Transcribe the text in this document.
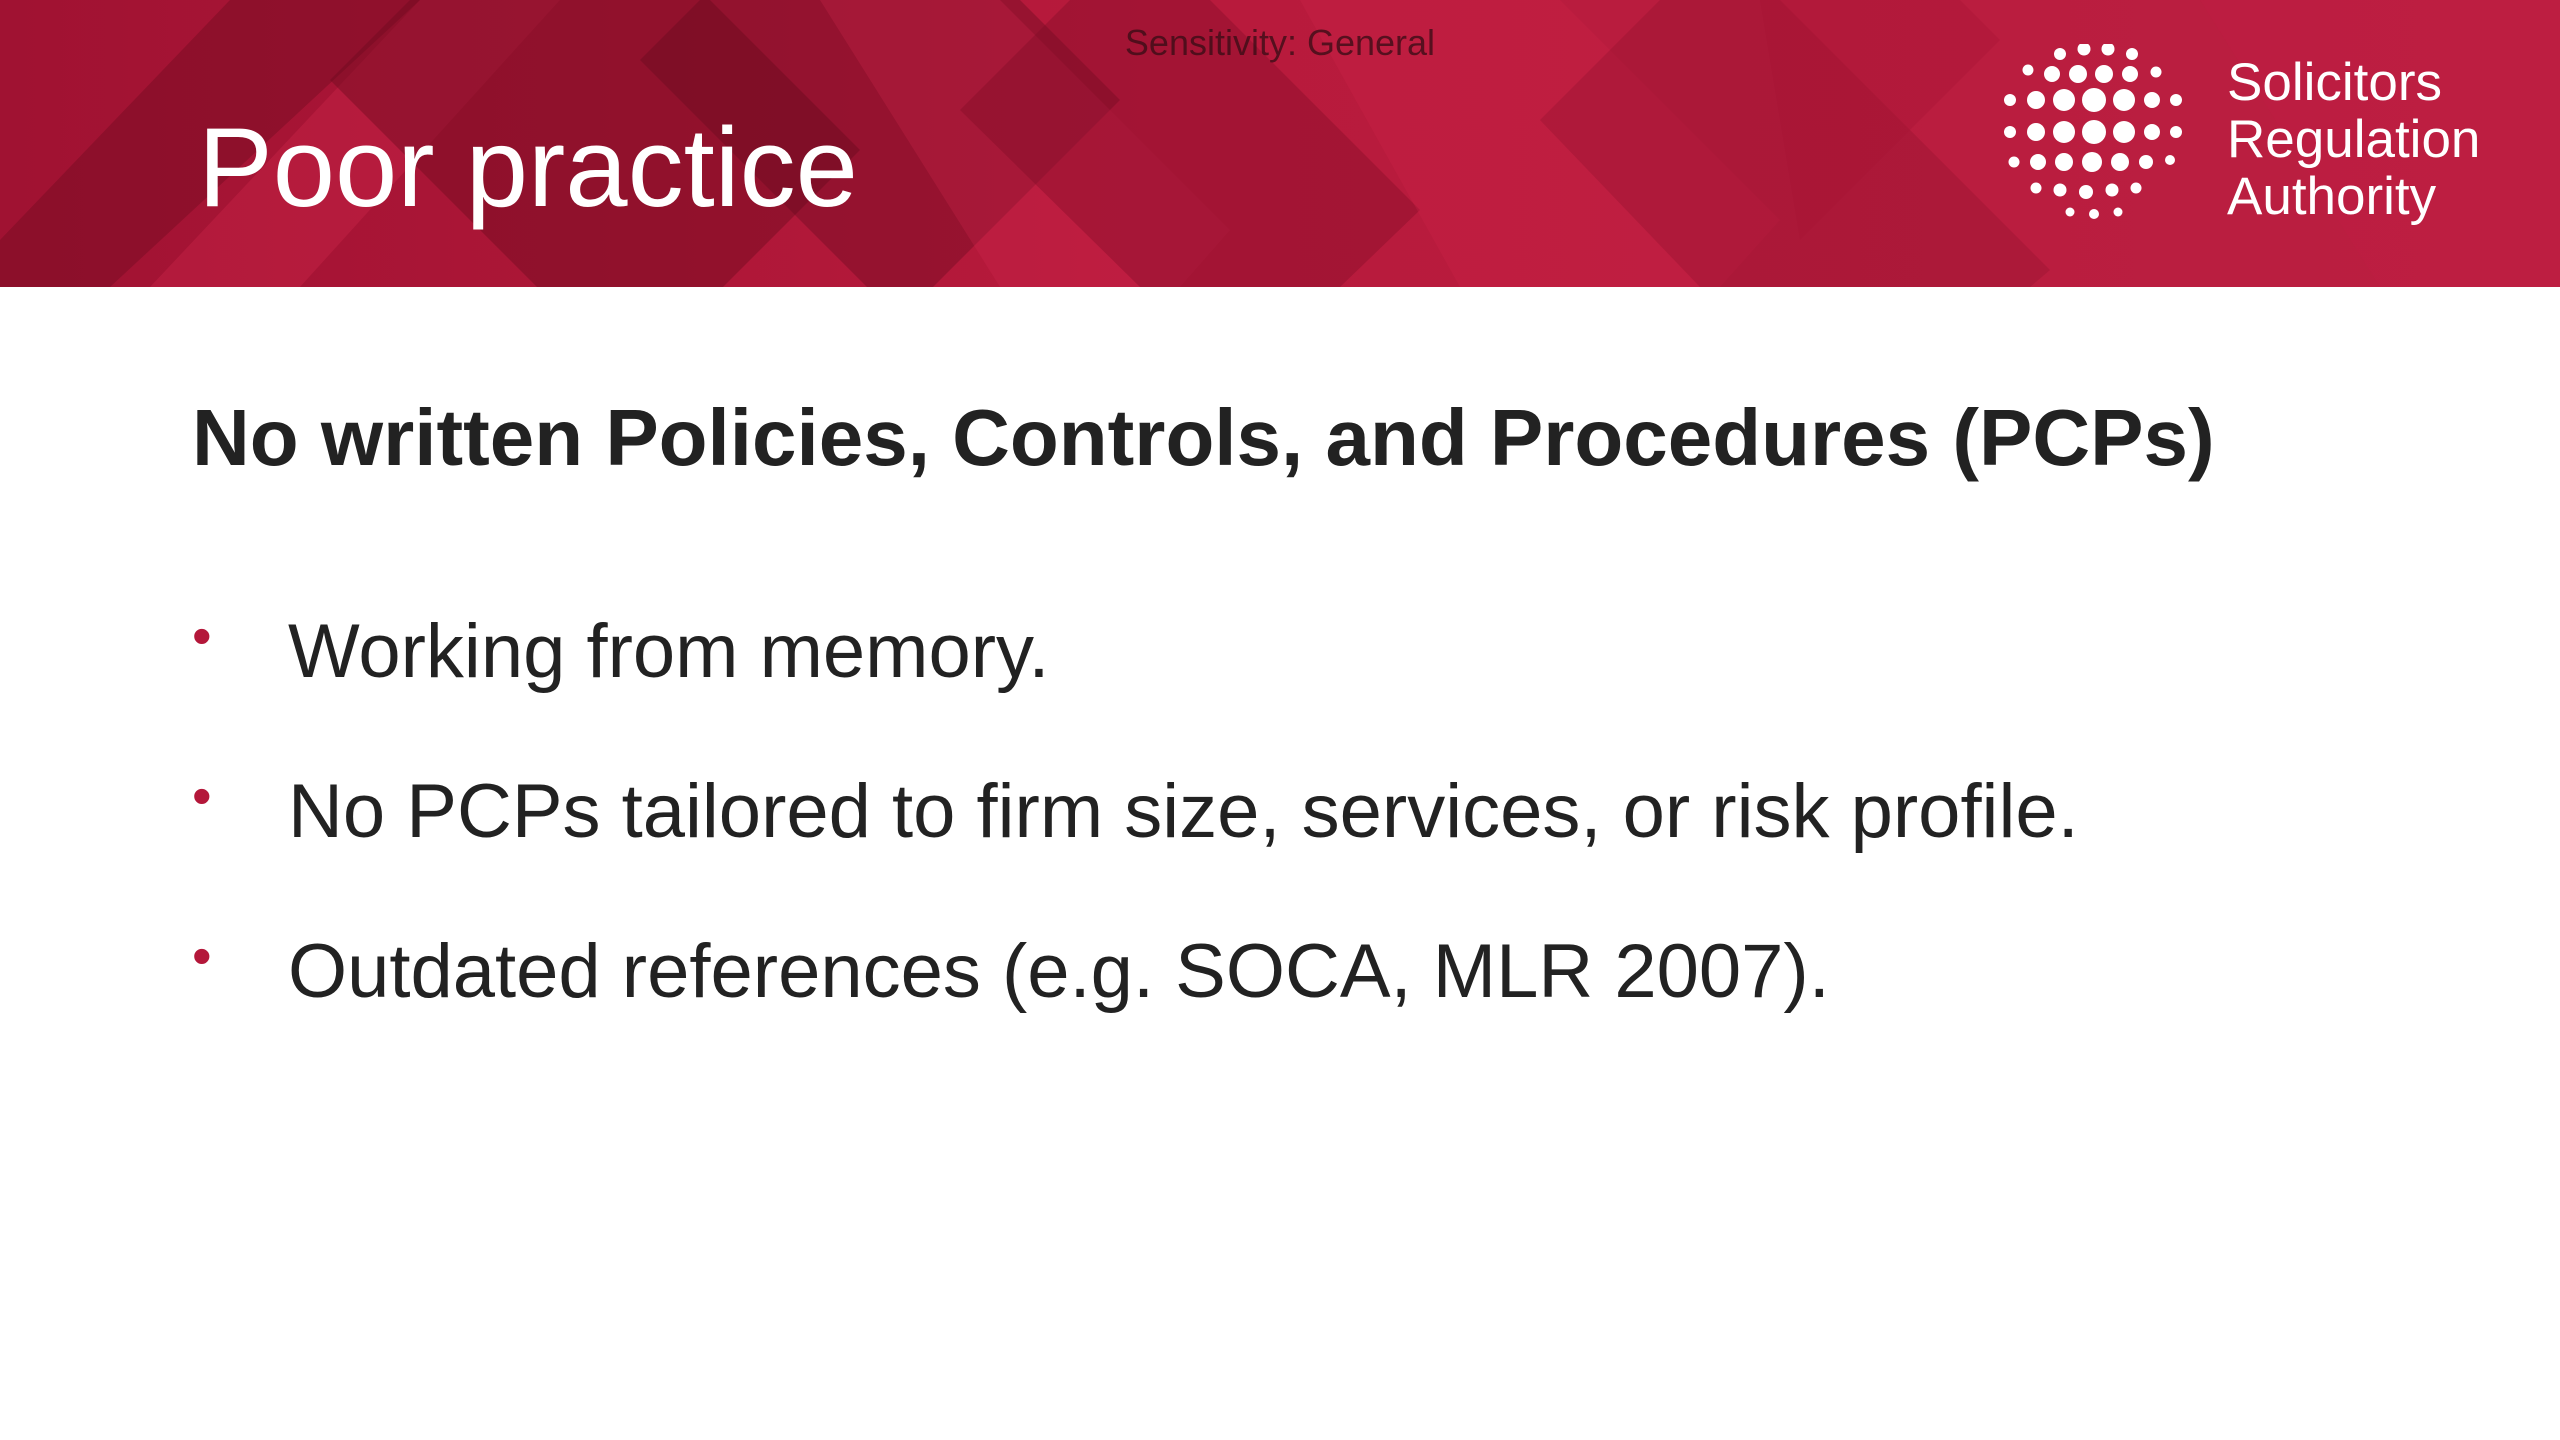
Sensitivity: General
Poor practice
Solicitors
Regulation
Authority
No written Policies, Controls, and Procedures (PCPs)
• Working from memory.
• No PCPs tailored to firm size, services, or risk profile.
• Outdated references (e.g. SOCA, MLR 2007).
